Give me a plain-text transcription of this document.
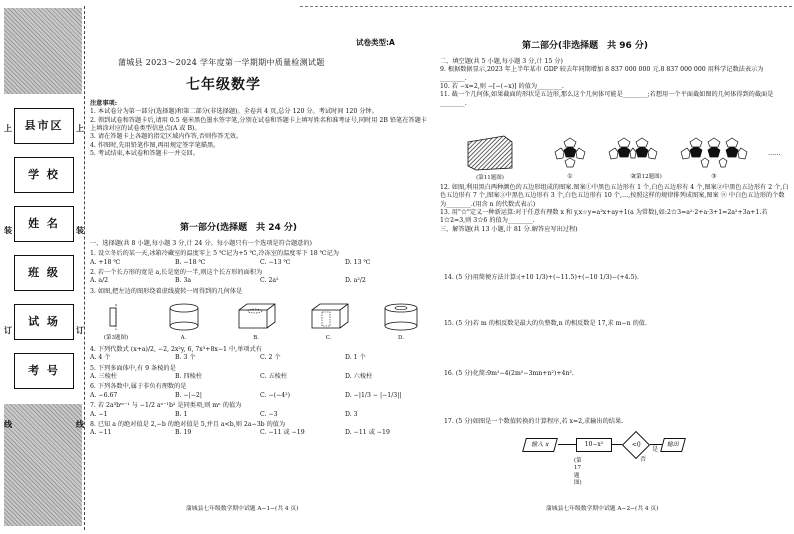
县市区
学 校
姓 名
班 级
试 场
考 号
上
装
订
线
上
装
订
线
试卷类型:A
蒲城县 2023～2024 学年度第一学期期中质量检测试题
七年级数学

注意事项:

1. 本试卷分为第一部分(选择题)和第二部分(非选择题)。全卷共 4 页,总分 120 分。考试时间 120 分钟。

2. 领到试卷和答题卡后,请用 0.5 毫米黑色墨水签字笔,分别在试卷和答题卡上填写姓名和准考证号,同时用 2B 铅笔在答题卡上填涂对应的试卷类型信息点(A 或 B)。

3. 请在答题卡上各题的指定区域内作答,否则作答无效。

4. 作图时,先用铅笔作图,再用规定签字笔描黑。

5. 考试结束,本试卷和答题卡一并交回。

第一部分(选择题　共 24 分)

一、选择题(共 8 小题,每小题 3 分,计 24 分。每小题只有一个选项是符合题意的)

1. 设立冬后的某一天,冰箱冷藏室的温度零上 5 ℃记为+5 ℃,冷冻室的温度零下 18 ℃记为

A. +18 ℃	B. −18 ℃	C. −13 ℃	D. 13 ℃

2. 若一个长方形的宽是 a,长是宽的一半,则这个长方形的面积为

A. a/2	B. 3a	C. 2a²	D. a²/2

3. 如图,把左边的图形绕着虚线旋转一周得到的几何体是

(第3题图)	A.	B.	C.	D.

4. 下列代数式 (x+a)/2, −2, 2x²y, 6, 7x³+8x−1 中,单项式有

A. 4 个	B. 3 个	C. 2 个	D. 1 个

5. 下列多面体中,有 9 条棱的是

A. 三棱柱	B. 四棱柱	C. 五棱柱	D. 六棱柱

6. 下列各数中,属于非负有理数的是

A. −6.67	B. −|−2|	C. −(−4²)	D. −|1/3 − |−1/3||

7. 若 2a³bᵐ⁻¹ 与 −1/2 aⁿ⁻¹b² 是同类项,则 mⁿ 的值为

A. −1	B. 1	C. −3	D. 3

8. 已知 a 的绝对值是 2,−b 的绝对值是 5,并且 a<b,则 2a−3b 的值为

A. −11	B. 19	C. −11 或 −19	D. −11 或 −19
蒲城县七年级数学期中试题 A−1−(共 4 页)
第二部分(非选择题　共 96 分)

二、填空题(共 5 小题,每小题 3 分,计 15 分)

9. 根据数据显示,2023 年上半年某市 GDP 较去年同期增加 8 837 000 000 元.8 837 000 000 用科学记数法表示为________.

10. 若 −x=2,则 −[−(−x)] 的值为________.

11. 截一个几何体,如果截面的形状是五边形,那么这个几何体可能是________;若想用一个平面截如图的几何体得到的截面是________.

(第11题图)	①	②	③
……
(第12题图)

12. 如图,利用黑白两种颜色的五边形组成的图案.图案①中黑色五边形有 1 个,白色五边形有 4 个,图案②中黑色五边形有 2 个,白色五边形有 7 个,图案③中黑色五边形有 3 个,白色五边形有 10 个,…,按照这样的规律排列成图案,图案 ⓝ 中白色五边形的个数为________.(用含 n 的代数式表示)

13. 用"☆"定义一种新运算:对于任意有理数 x 和 y,x☆y=a²x+ay+1(a 为常数),如:2☆3=a²·2+a·3+1=2a²+3a+1.若 1☆2=3,则 3☆6 的值为________.

三、解答题(共 13 小题,计 81 分.解答应写出过程)

14. (5 分)用简便方法计算:(+10 1/3)+(−11.5)+(−10 1/3)−(+4.5).
15. (5 分)若 m 的相反数是最大的负整数,n 的相反数是 17,求 m−n 的值.
16. (5 分)化简:9m²−4(2m²−3mn+n²)+4n².
17. (5 分)如图是一个数值转换的计算程序,若 x=2,求输出的结果.
输入 x	10−x²	<0
是
输出
否
(第 17 题图)
蒲城县七年级数学期中试题 A−2−(共 4 页)
